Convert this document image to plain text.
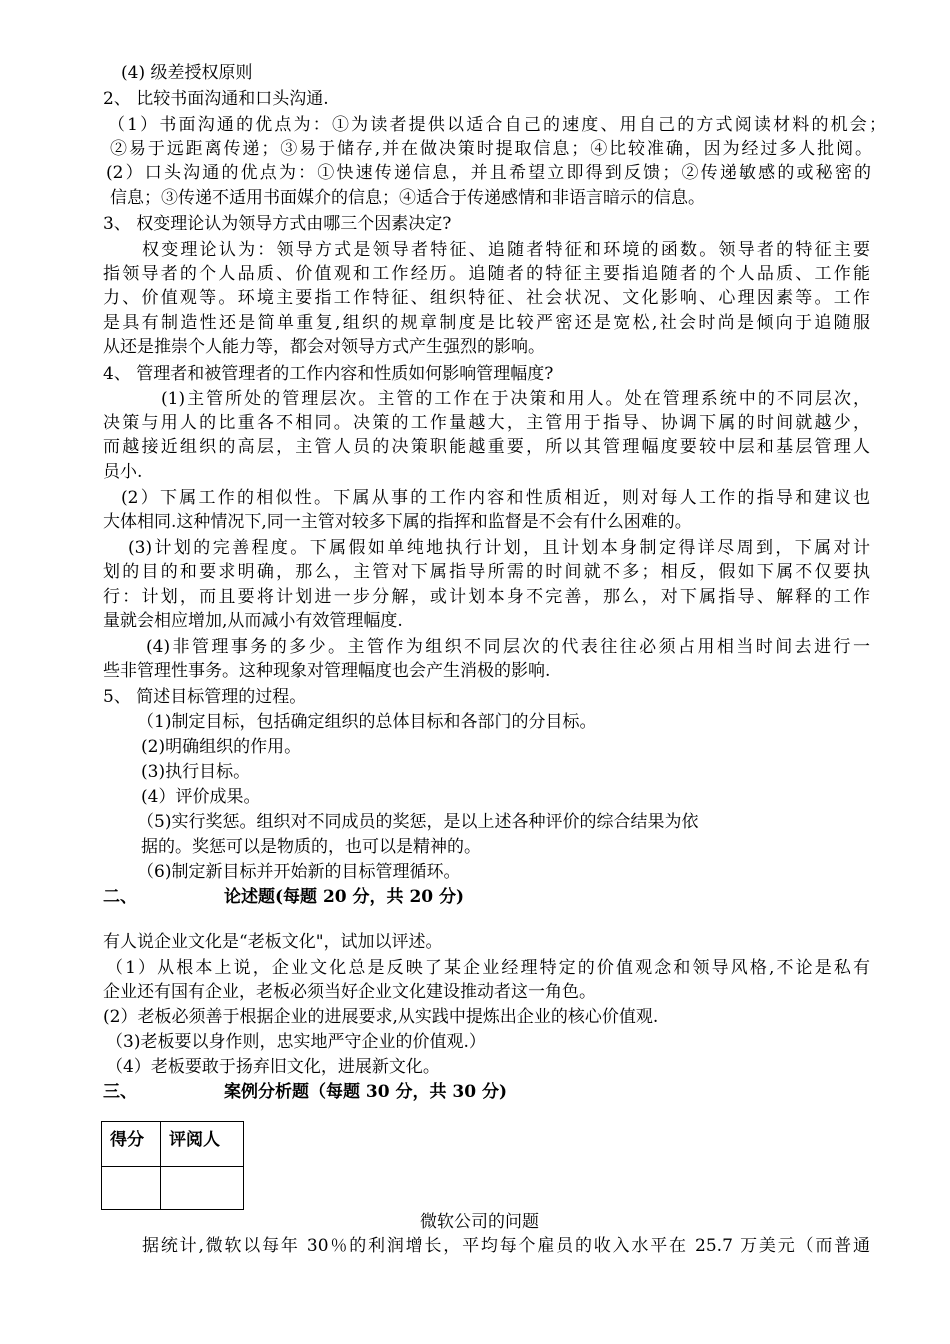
(4) 级差授权原则
2、 比较书面沟通和口头沟通.
（1）书面沟通的优点为：①为读者提供以适合自己的速度、用自己的方式阅读材料的机会；
②易于远距离传递；③易于储存,并在做决策时提取信息；④比较准确，因为经过多人批阅。
(2）口头沟通的优点为：①快速传递信息，并且希望立即得到反馈；②传递敏感的或秘密的
信息；③传递不适用书面媒介的信息；④适合于传递感情和非语言暗示的信息。
3、 权变理论认为领导方式由哪三个因素决定?
权变理论认为：领导方式是领导者特征、追随者特征和环境的函数。领导者的特征主要
指领导者的个人品质、价值观和工作经历。追随者的特征主要指追随者的个人品质、工作能
力、价值观等。环境主要指工作特征、组织特征、社会状况、文化影响、心理因素等。工作
是具有制造性还是简单重复,组织的规章制度是比较严密还是宽松,社会时尚是倾向于追随服
从还是推崇个人能力等，都会对领导方式产生强烈的影响。
4、 管理者和被管理者的工作内容和性质如何影响管理幅度?
(1)主管所处的管理层次。主管的工作在于决策和用人。处在管理系统中的不同层次，
决策与用人的比重各不相同。决策的工作量越大，主管用于指导、协调下属的时间就越少，
而越接近组织的高层，主管人员的决策职能越重要，所以其管理幅度要较中层和基层管理人
员小.
(2）下属工作的相似性。下属从事的工作内容和性质相近，则对每人工作的指导和建议也
大体相同.这种情况下,同一主管对较多下属的指挥和监督是不会有什么困难的。
(3)计划的完善程度。下属假如单纯地执行计划，且计划本身制定得详尽周到，下属对计
划的目的和要求明确，那么，主管对下属指导所需的时间就不多；相反，假如下属不仅要执
行：计划，而且要将计划进一步分解，或计划本身不完善，那么，对下属指导、解释的工作
量就会相应增加,从而减小有效管理幅度.
(4)非管理事务的多少。主管作为组织不同层次的代表往往必须占用相当时间去进行一
些非管理性事务。这种现象对管理幅度也会产生消极的影响.
5、 简述目标管理的过程。
（1)制定目标，包括确定组织的总体目标和各部门的分目标。
(2)明确组织的作用。
(3)执行目标。
(4）评价成果。
（5)实行奖惩。组织对不同成员的奖惩，是以上述各种评价的综合结果为依
据的。奖惩可以是物质的，也可以是精神的。
（6)制定新目标并开始新的目标管理循环。
二、	论述题(每题 20 分，共 20 分)
有人说企业文化是“老板文化"，试加以评述。
（1）从根本上说，企业文化总是反映了某企业经理特定的价值观念和领导风格,不论是私有
企业还有国有企业，老板必须当好企业文化建设推动者这一角色。
(2）老板必须善于根据企业的进展要求,从实践中提炼出企业的核心价值观.
（3)老板要以身作则，忠实地严守企业的价值观.）
（4）老板要敢于扬弃旧文化，进展新文化。
三、	案例分析题（每题 30 分，共 30 分)
得分	评阅人

微软公司的问题
据统计,微软以每年 30％的利润增长，平均每个雇员的收入水平在 25.7 万美元（而普通
